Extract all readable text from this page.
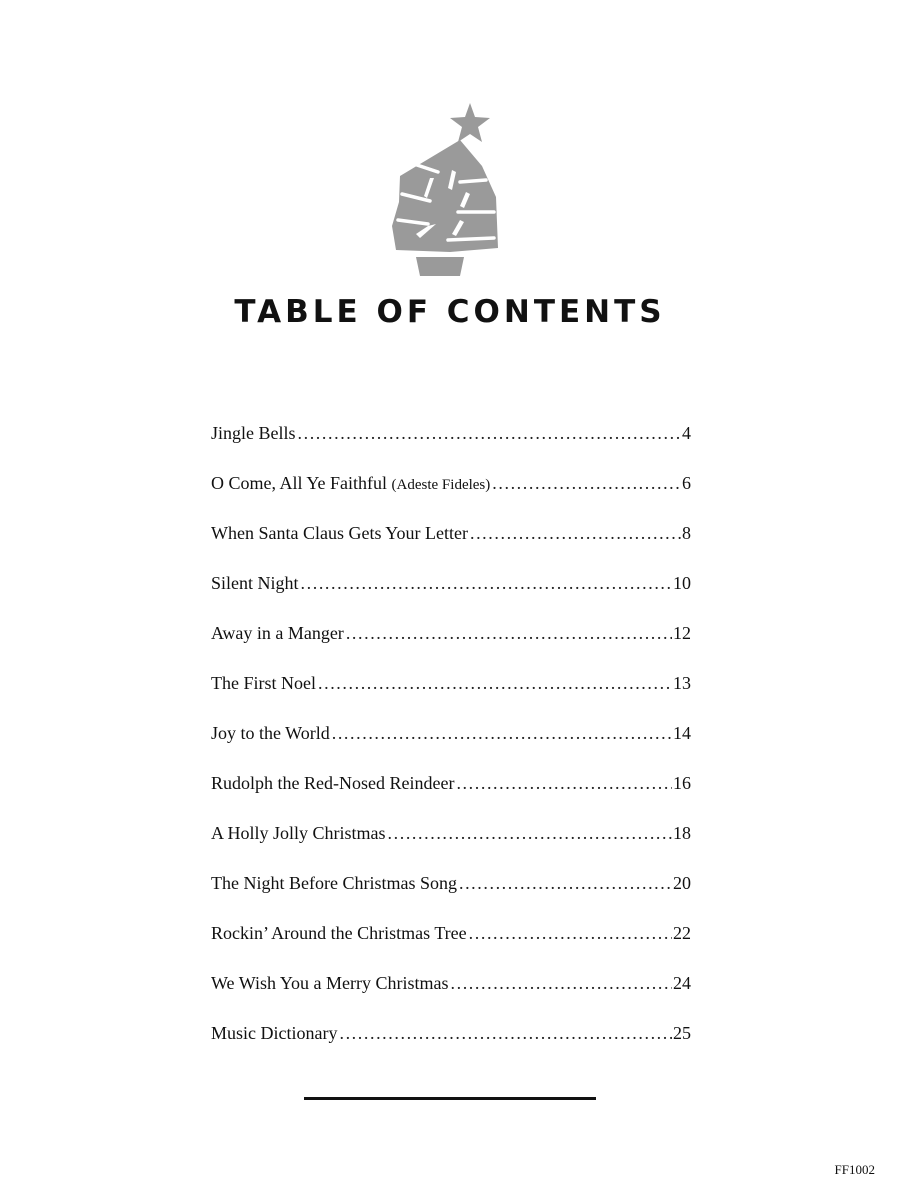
TABLE OF CONTENTS
Jingle Bells .....	4
O Come, All Ye Faithful (Adeste Fideles) .....	6
When Santa Claus Gets Your Letter .....	8
Silent Night .....	10
Away in a Manger .....	12
The First Noel .....	13
Joy to the World .....	14
Rudolph the Red-Nosed Reindeer .....	16
A Holly Jolly Christmas .....	18
The Night Before Christmas Song .....	20
Rockin’ Around the Christmas Tree .....	22
We Wish You a Merry Christmas .....	24
Music Dictionary .....	25
FF1002
